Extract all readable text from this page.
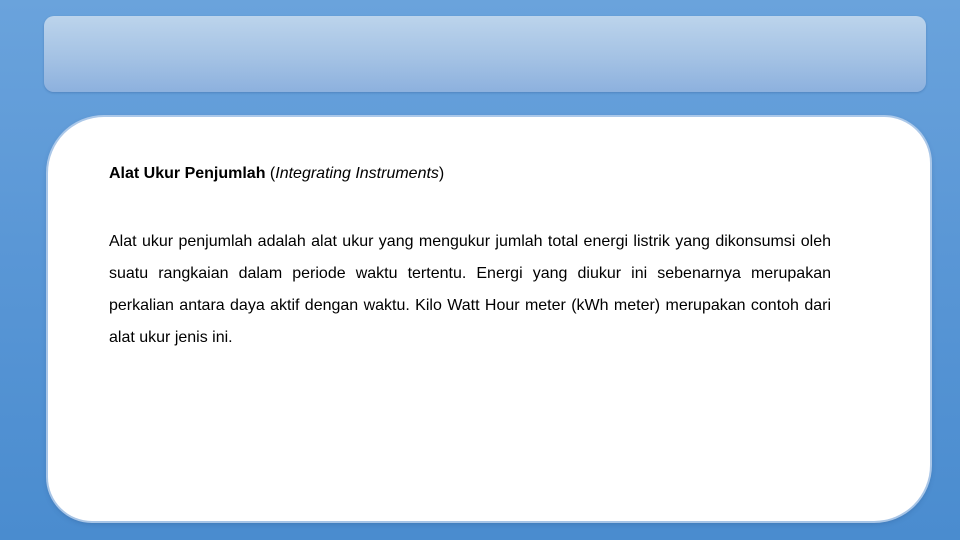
Alat Ukur Penjumlah (Integrating Instruments)

Alat ukur penjumlah adalah alat ukur yang mengukur jumlah total energi listrik yang dikonsumsi oleh suatu rangkaian dalam periode waktu tertentu. Energi yang diukur ini sebenarnya merupakan perkalian antara daya aktif dengan waktu. Kilo Watt Hour meter (kWh meter) merupakan contoh dari alat ukur jenis ini.
